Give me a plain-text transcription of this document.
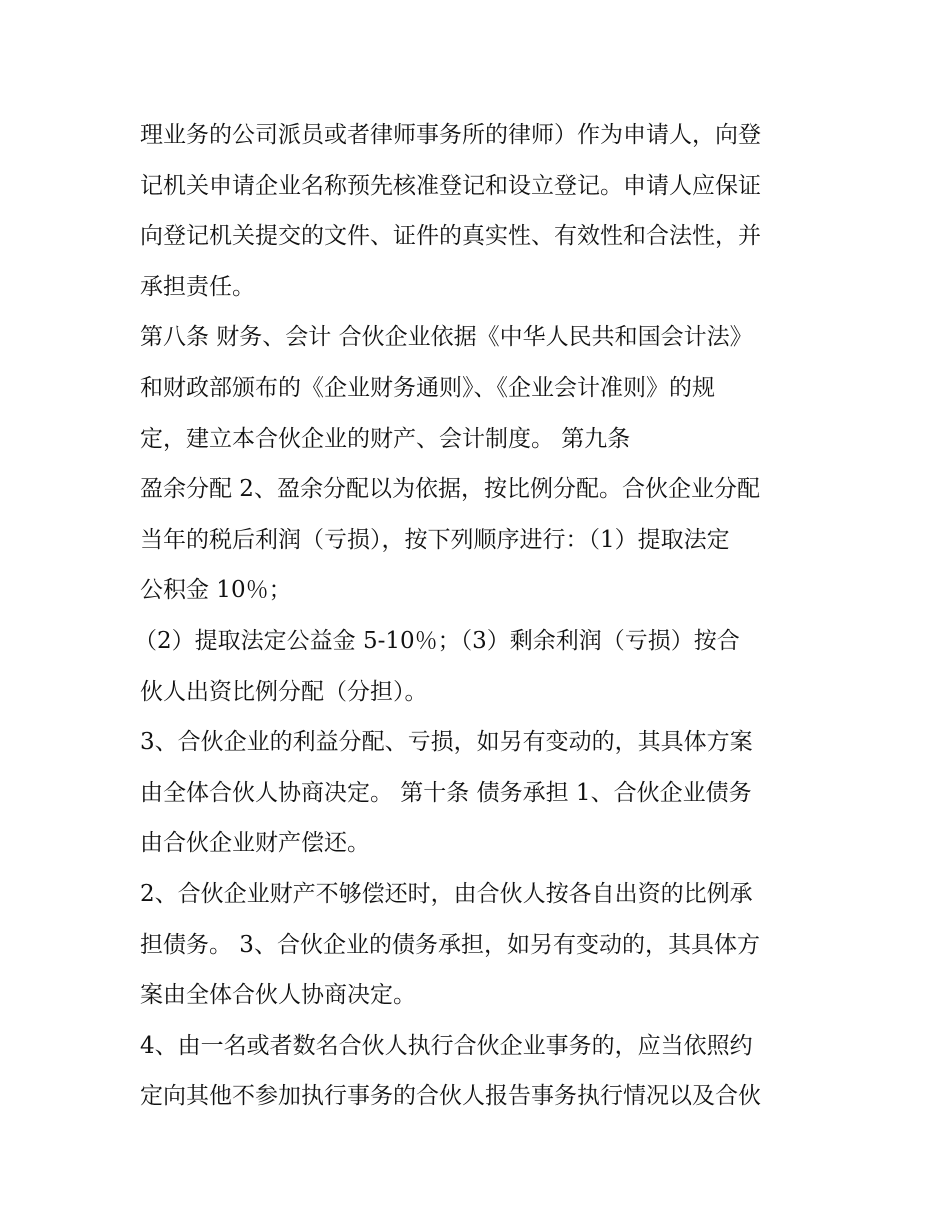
理业务的公司派员或者律师事务所的律师）作为申请人，向登
记机关申请企业名称预先核准登记和设立登记。申请人应保证
向登记机关提交的文件、证件的真实性、有效性和合法性，并
承担责任。
第八条 财务、会计 合伙企业依据《中华人民共和国会计法》
和财政部颁布的《企业财务通则》、《企业会计准则》的规
定，建立本合伙企业的财产、会计制度。 第九条
盈余分配 2、盈余分配以为依据，按比例分配。合伙企业分配
当年的税后利润（亏损），按下列顺序进行：（1）提取法定
公积金 10％；
（2）提取法定公益金 5-10％；（3）剩余利润（亏损）按合
伙人出资比例分配（分担）。
3、合伙企业的利益分配、亏损，如另有变动的，其具体方案
由全体合伙人协商决定。 第十条 债务承担 1、合伙企业债务
由合伙企业财产偿还。
2、合伙企业财产不够偿还时，由合伙人按各自出资的比例承
担债务。 3、合伙企业的债务承担，如另有变动的，其具体方
案由全体合伙人协商决定。
4、由一名或者数名合伙人执行合伙企业事务的，应当依照约
定向其他不参加执行事务的合伙人报告事务执行情况以及合伙
